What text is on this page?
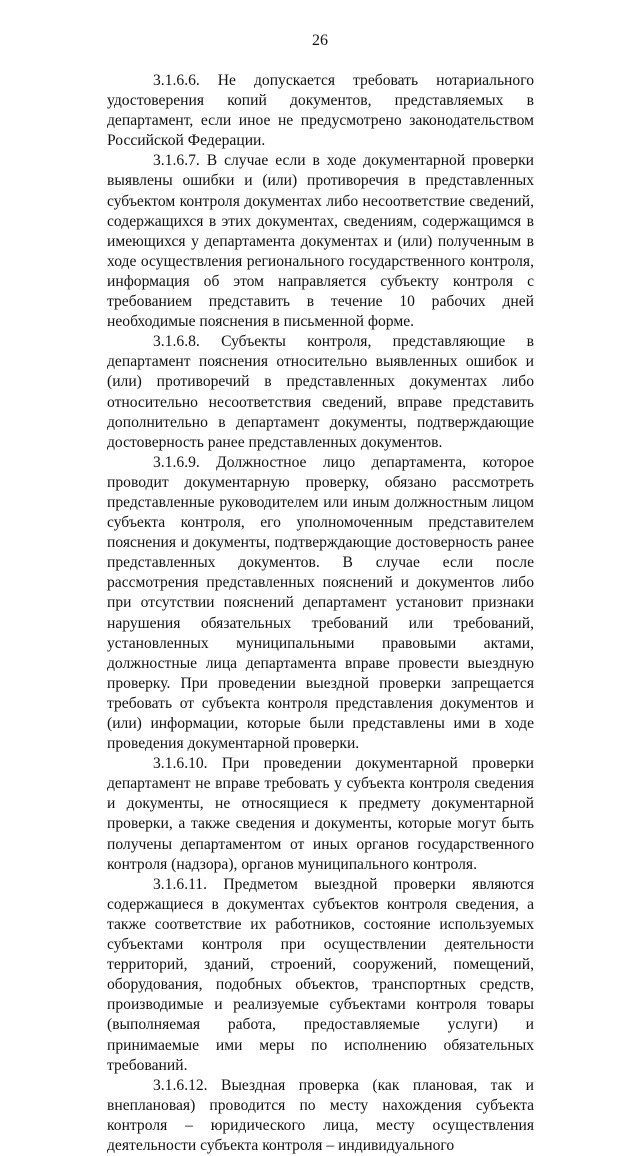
26

3.1.6.6. Не допускается требовать нотариального удостоверения копий документов, представляемых в департамент, если иное не предусмотрено законодательством Российской Федерации.

3.1.6.7. В случае если в ходе документарной проверки выявлены ошибки и (или) противоречия в представленных субъектом контроля документах либо несоответствие сведений, содержащихся в этих документах, сведениям, содержащимся в имеющихся у департамента документах и (или) полученным в ходе осуществления регионального государственного контроля, информация об этом направляется субъекту контроля с требованием представить в течение 10 рабочих дней необходимые пояснения в письменной форме.

3.1.6.8. Субъекты контроля, представляющие в департамент пояснения относительно выявленных ошибок и (или) противоречий в представленных документах либо относительно несоответствия сведений, вправе представить дополнительно в департамент документы, подтверждающие достоверность ранее представленных документов.

3.1.6.9. Должностное лицо департамента, которое проводит документарную проверку, обязано рассмотреть представленные руководителем или иным должностным лицом субъекта контроля, его уполномоченным представителем пояснения и документы, подтверждающие достоверность ранее представленных документов. В случае если после рассмотрения представленных пояснений и документов либо при отсутствии пояснений департамент установит признаки нарушения обязательных требований или требований, установленных муниципальными правовыми актами, должностные лица департамента вправе провести выездную проверку. При проведении выездной проверки запрещается требовать от субъекта контроля представления документов и (или) информации, которые были представлены ими в ходе проведения документарной проверки.

3.1.6.10. При проведении документарной проверки департамент не вправе требовать у субъекта контроля сведения и документы, не относящиеся к предмету документарной проверки, а также сведения и документы, которые могут быть получены департаментом от иных органов государственного контроля (надзора), органов муниципального контроля.

3.1.6.11. Предметом выездной проверки являются содержащиеся в документах субъектов контроля сведения, а также соответствие их работников, состояние используемых субъектами контроля при осуществлении деятельности территорий, зданий, строений, сооружений, помещений, оборудования, подобных объектов, транспортных средств, производимые и реализуемые субъектами контроля товары (выполняемая работа, предоставляемые услуги) и принимаемые ими меры по исполнению обязательных требований.

3.1.6.12. Выездная проверка (как плановая, так и внеплановая) проводится по месту нахождения субъекта контроля – юридического лица, месту осуществления деятельности субъекта контроля – индивидуального
